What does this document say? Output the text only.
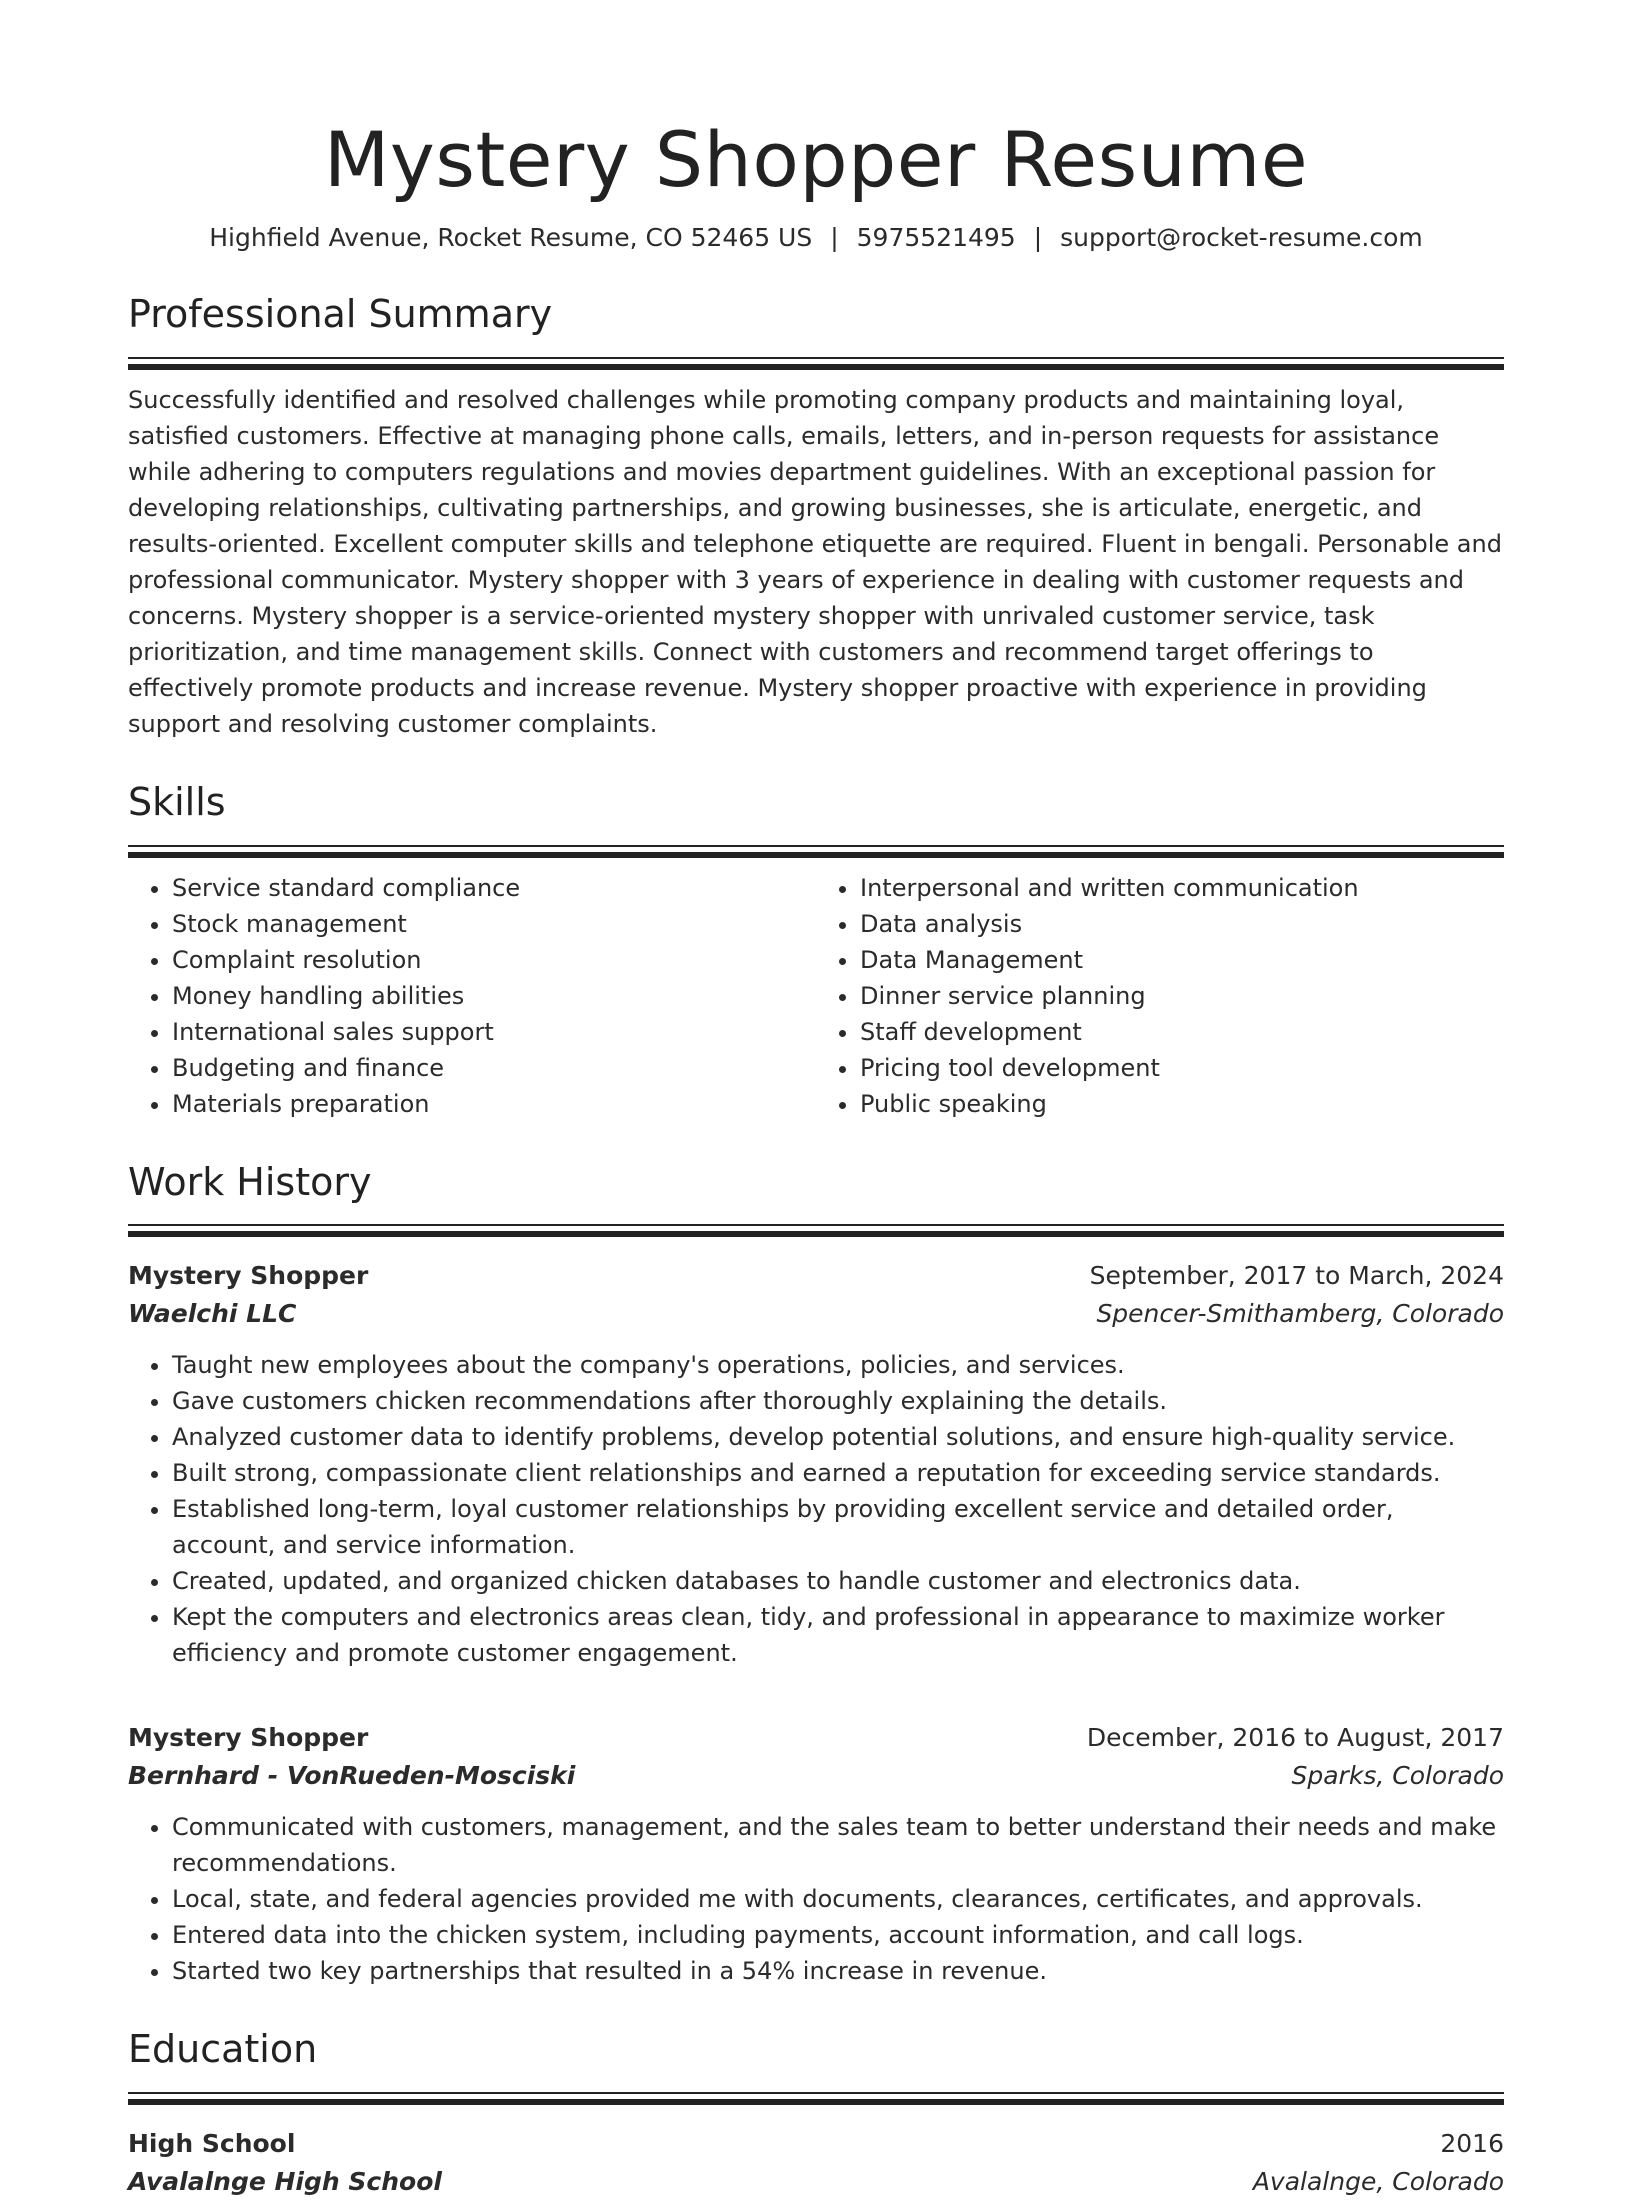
Mystery Shopper Resume
Highfield Avenue, Rocket Resume, CO 52465 US | 5975521495 | support@rocket-resume.com
Professional Summary
Successfully identified and resolved challenges while promoting company products and maintaining loyal, satisfied customers. Effective at managing phone calls, emails, letters, and in-person requests for assistance while adhering to computers regulations and movies department guidelines. With an exceptional passion for developing relationships, cultivating partnerships, and growing businesses, she is articulate, energetic, and results-oriented. Excellent computer skills and telephone etiquette are required. Fluent in bengali. Personable and professional communicator. Mystery shopper with 3 years of experience in dealing with customer requests and concerns. Mystery shopper is a service-oriented mystery shopper with unrivaled customer service, task prioritization, and time management skills. Connect with customers and recommend target offerings to effectively promote products and increase revenue. Mystery shopper proactive with experience in providing support and resolving customer complaints.
Skills
• Service standard compliance
• Stock management
• Complaint resolution
• Money handling abilities
• International sales support
• Budgeting and finance
• Materials preparation
• Interpersonal and written communication
• Data analysis
• Data Management
• Dinner service planning
• Staff development
• Pricing tool development
• Public speaking
Work History
Mystery Shopper	September, 2017 to March, 2024
Waelchi LLC	Spencer-Smithamberg, Colorado
• Taught new employees about the company's operations, policies, and services.
• Gave customers chicken recommendations after thoroughly explaining the details.
• Analyzed customer data to identify problems, develop potential solutions, and ensure high-quality service.
• Built strong, compassionate client relationships and earned a reputation for exceeding service standards.
• Established long-term, loyal customer relationships by providing excellent service and detailed order, account, and service information.
• Created, updated, and organized chicken databases to handle customer and electronics data.
• Kept the computers and electronics areas clean, tidy, and professional in appearance to maximize worker efficiency and promote customer engagement.
Mystery Shopper	December, 2016 to August, 2017
Bernhard - VonRueden-Mosciski	Sparks, Colorado
• Communicated with customers, management, and the sales team to better understand their needs and make recommendations.
• Local, state, and federal agencies provided me with documents, clearances, certificates, and approvals.
• Entered data into the chicken system, including payments, account information, and call logs.
• Started two key partnerships that resulted in a 54% increase in revenue.
Education
High School	2016
Avalalnge High School	Avalalnge, Colorado
